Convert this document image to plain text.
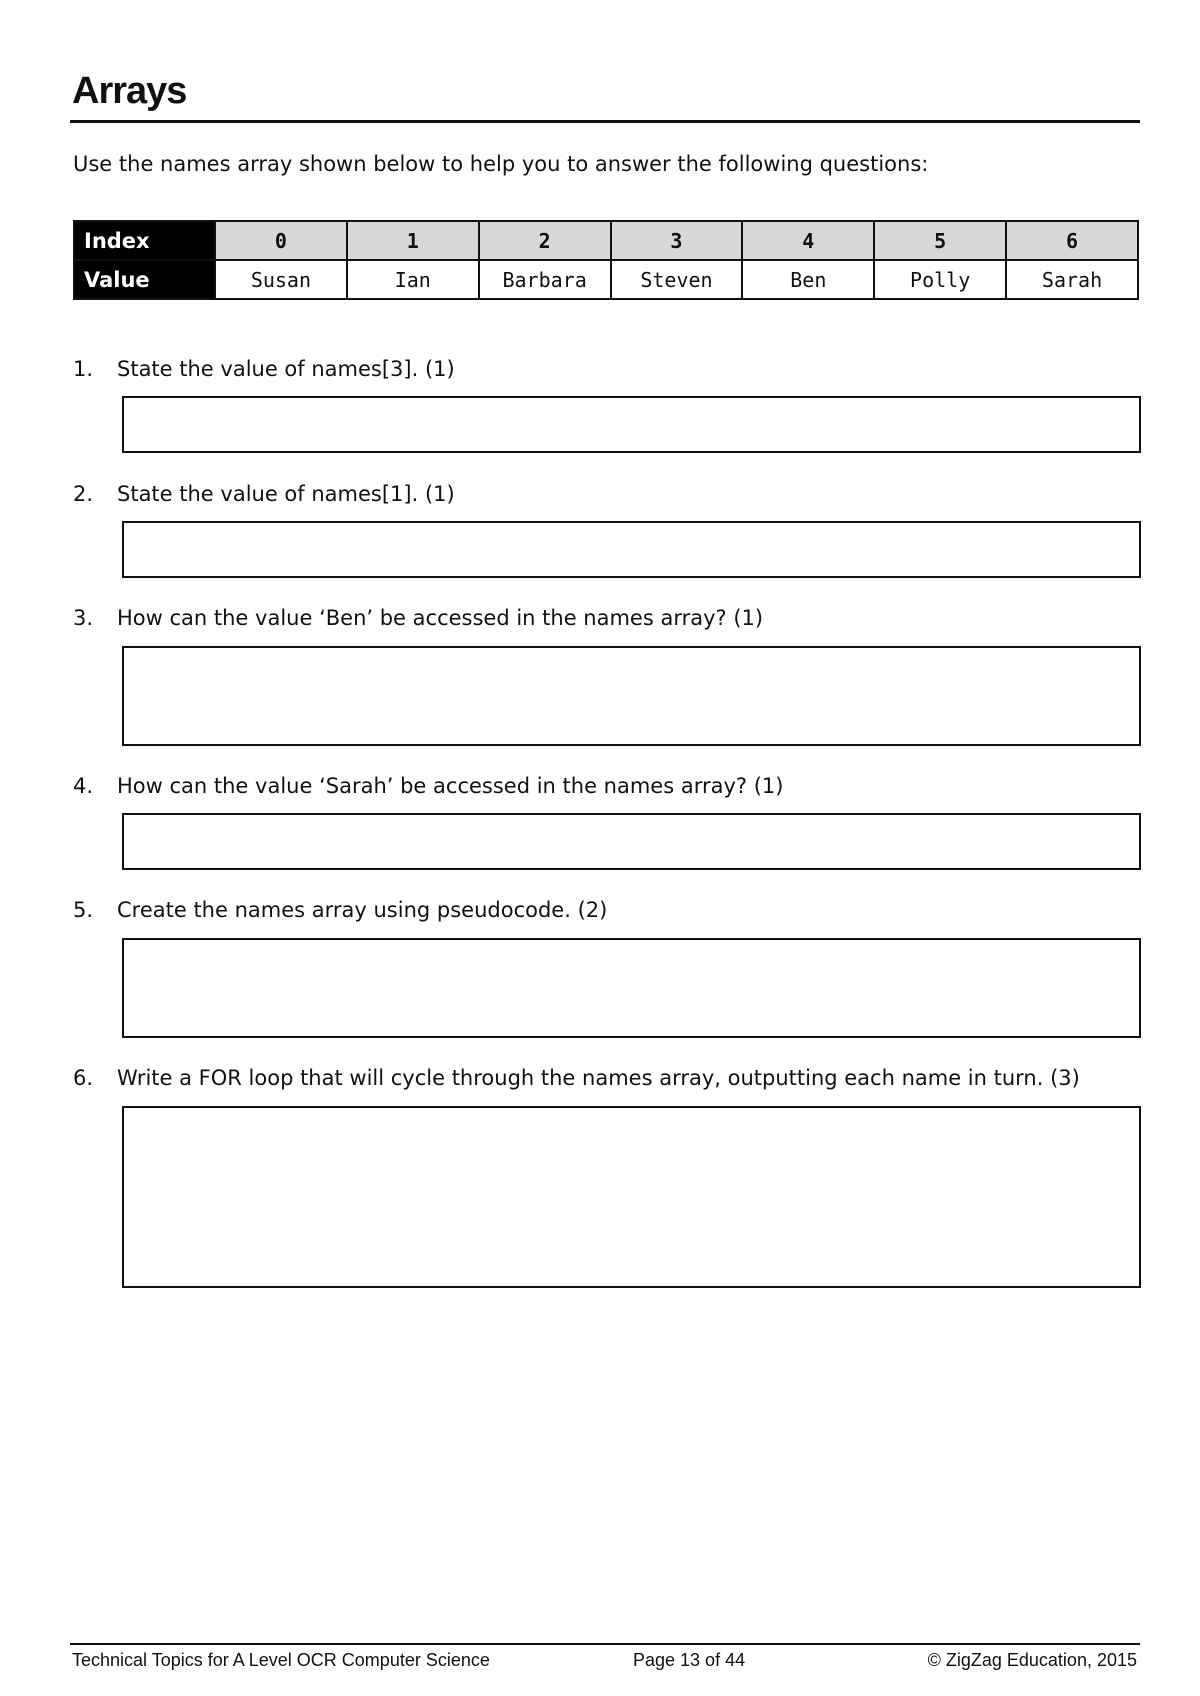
Arrays
Use the names array shown below to help you to answer the following questions:
Index	0	1	2	3	4	5	6
Value	Susan	Ian	Barbara	Steven	Ben	Polly	Sarah
1.	State the value of names[3]. (1)
2.	State the value of names[1]. (1)
3.	How can the value ‘Ben’ be accessed in the names array? (1)
4.	How can the value ‘Sarah’ be accessed in the names array? (1)
5.	Create the names array using pseudocode. (2)
6.	Write a FOR loop that will cycle through the names array, outputting each name in turn. (3)
Technical Topics for A Level OCR Computer Science	Page 13 of 44	© ZigZag Education, 2015
